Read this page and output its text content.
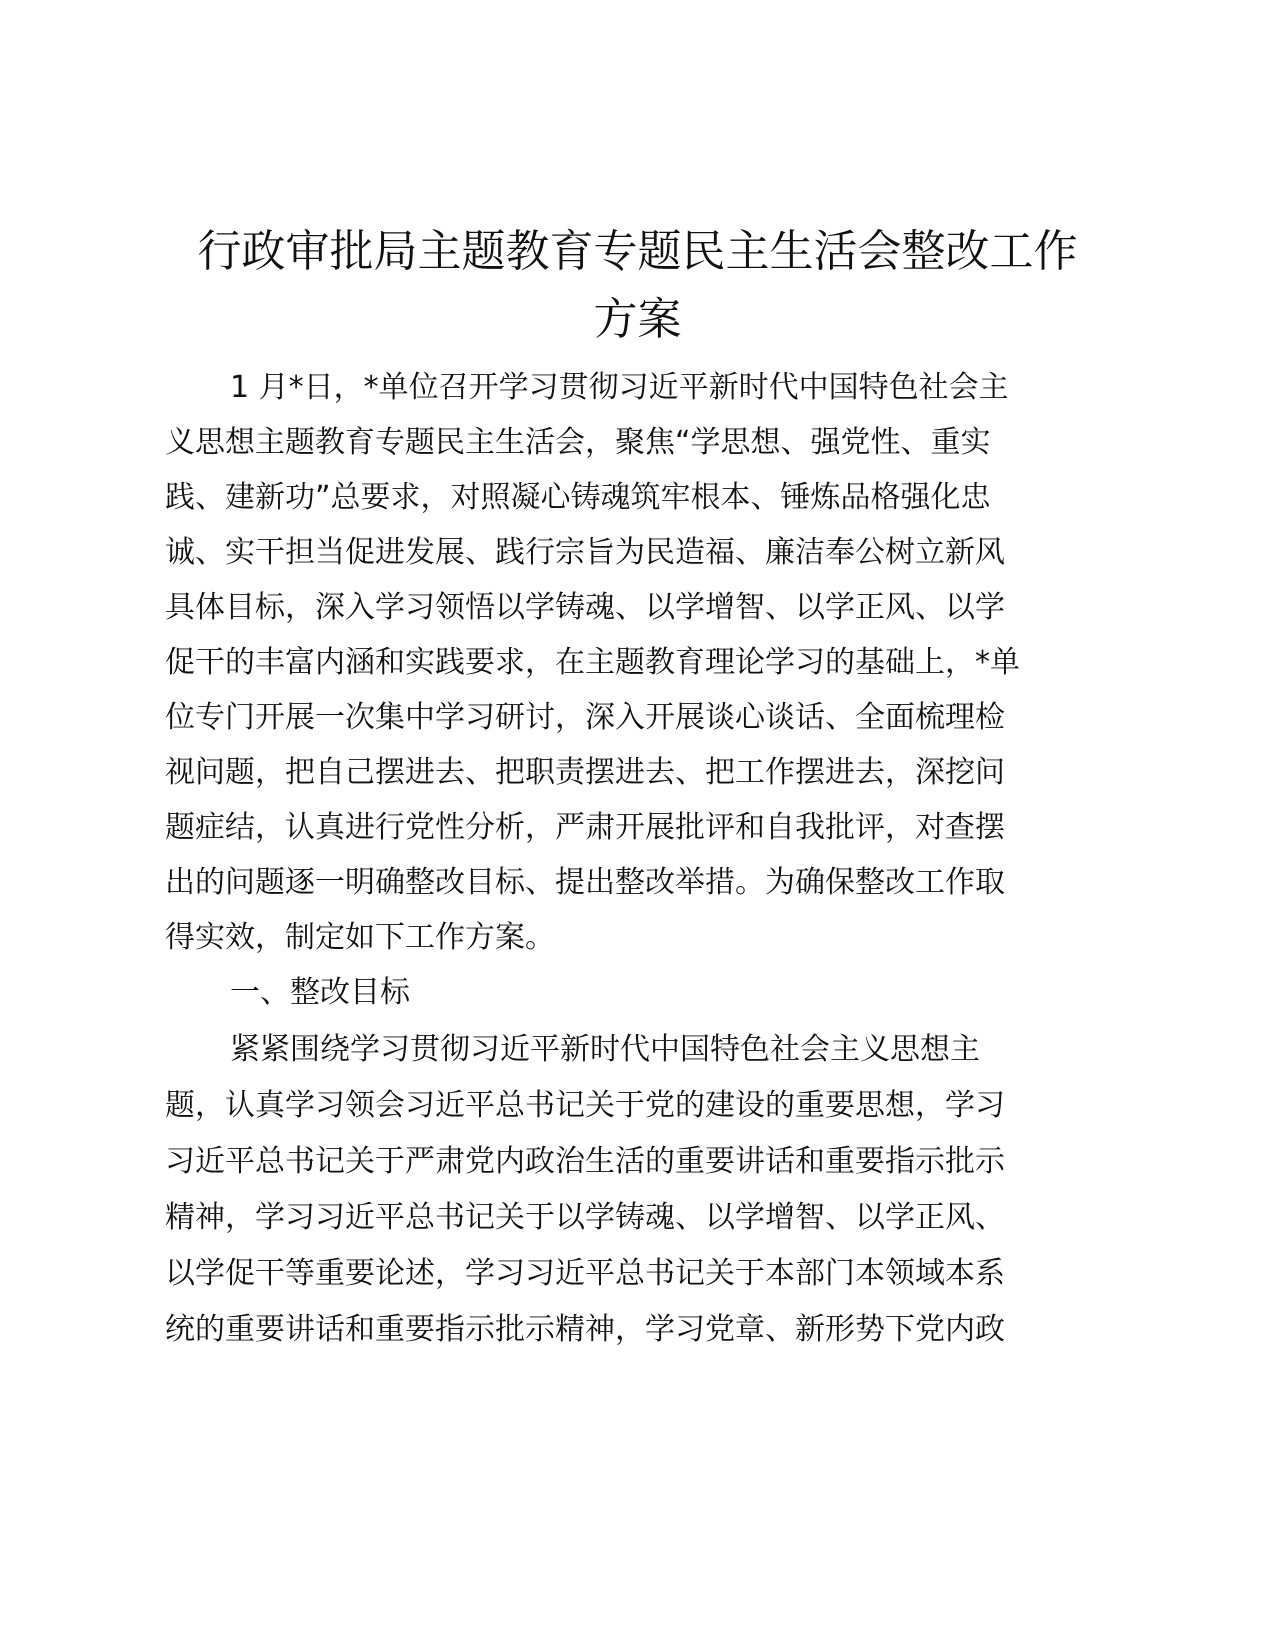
行政审批局主题教育专题民主生活会整改工作
方案
1 月*日，*单位召开学习贯彻习近平新时代中国特色社会主
义思想主题教育专题民主生活会，聚焦“学思想、强党性、重实
践、建新功”总要求，对照凝心铸魂筑牢根本、锤炼品格强化忠
诚、实干担当促进发展、践行宗旨为民造福、廉洁奉公树立新风
具体目标，深入学习领悟以学铸魂、以学增智、以学正风、以学
促干的丰富内涵和实践要求，在主题教育理论学习的基础上，*单
位专门开展一次集中学习研讨，深入开展谈心谈话、全面梳理检
视问题，把自己摆进去、把职责摆进去、把工作摆进去，深挖问
题症结，认真进行党性分析，严肃开展批评和自我批评，对查摆
出的问题逐一明确整改目标、提出整改举措。为确保整改工作取
得实效，制定如下工作方案。
一、整改目标
紧紧围绕学习贯彻习近平新时代中国特色社会主义思想主
题，认真学习领会习近平总书记关于党的建设的重要思想，学习
习近平总书记关于严肃党内政治生活的重要讲话和重要指示批示
精神，学习习近平总书记关于以学铸魂、以学增智、以学正风、
以学促干等重要论述，学习习近平总书记关于本部门本领域本系
统的重要讲话和重要指示批示精神，学习党章、新形势下党内政
